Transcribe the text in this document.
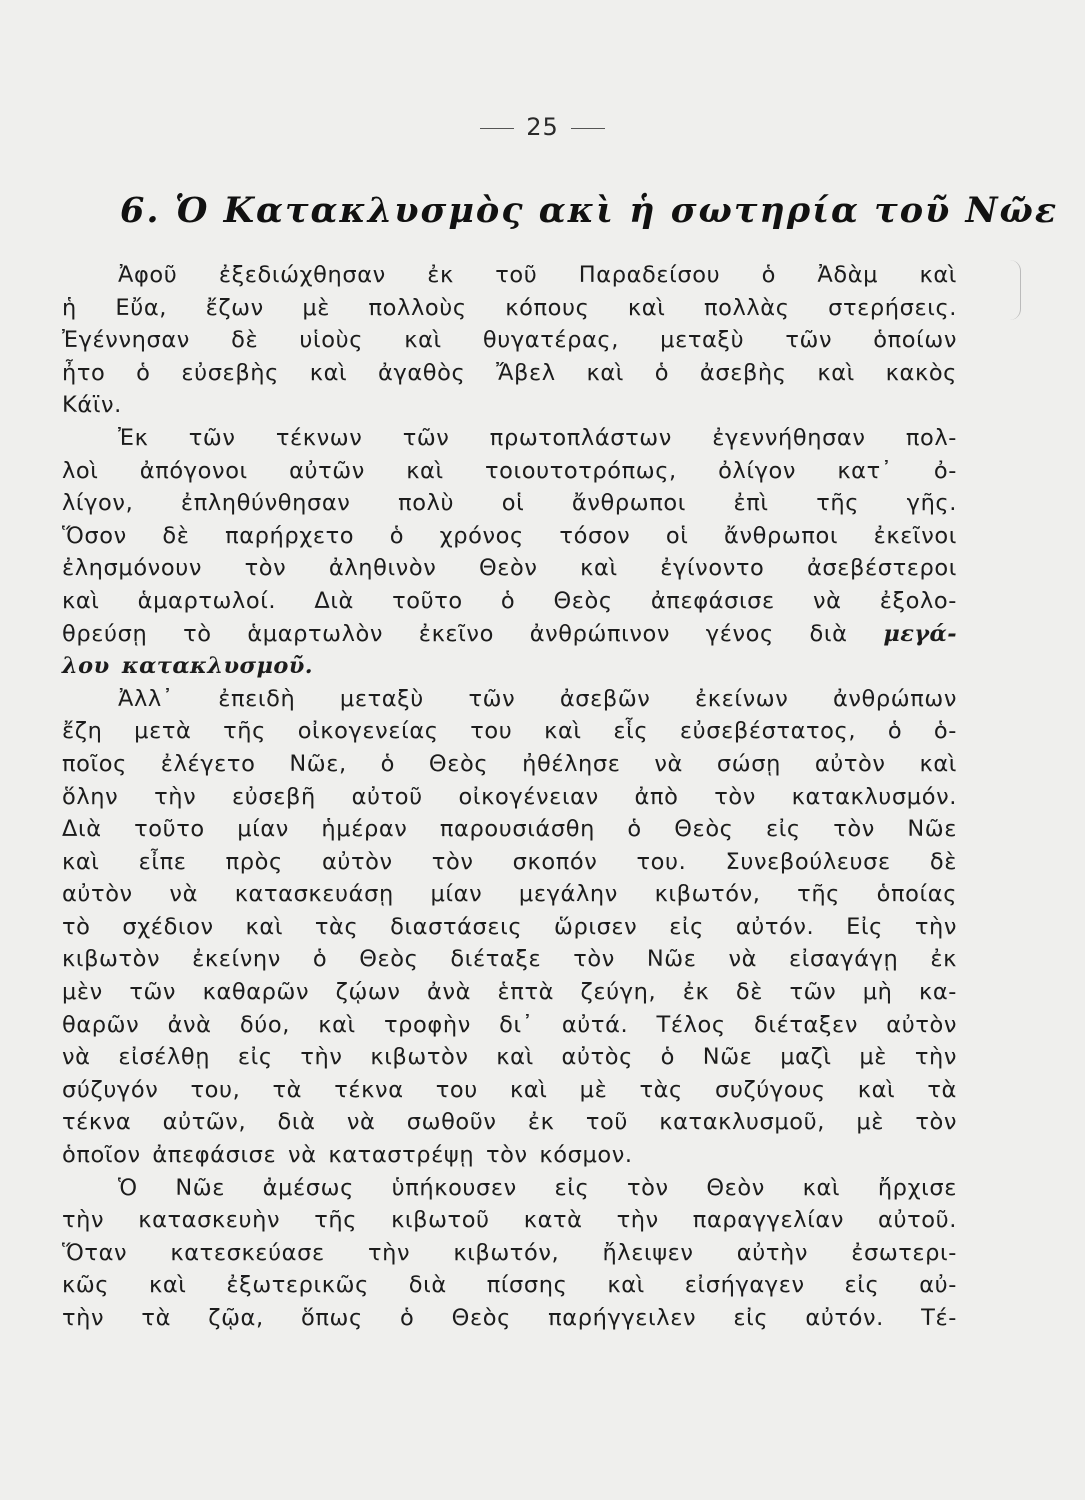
25
6. Ὁ Κατακλυσμὸς ακὶ ἡ σωτηρία τοῦ Νῶε
Ἀφοῦ ἐξεδιώχθησαν ἐκ τοῦ Παραδείσου ὁ Ἀδὰμ καὶ
ἡ Εὔα, ἔζων μὲ πολλοὺς κόπους καὶ πολλὰς στερήσεις.
Ἐγέννησαν δὲ υἱοὺς καὶ θυγατέρας, μεταξὺ τῶν ὁποίων
ἦτο ὁ εὐσεβὴς καὶ ἀγαθὸς Ἄβελ καὶ ὁ ἀσεβὴς καὶ κακὸς
Κάϊν.
Ἐκ τῶν τέκνων τῶν πρωτοπλάστων ἐγεννήθησαν πολ-
λοὶ ἀπόγονοι αὐτῶν καὶ τοιουτοτρόπως, ὀλίγον κατ᾽ ὀ-
λίγον, ἐπληθύνθησαν πολὺ οἱ ἄνθρωποι ἐπὶ τῆς γῆς.
Ὅσον δὲ παρήρχετο ὁ χρόνος τόσον οἱ ἄνθρωποι ἐκεῖνοι
ἐλησμόνουν τὸν ἀληθινὸν Θεὸν καὶ ἐγίνοντο ἀσεβέστεροι
καὶ ἁμαρτωλοί. Διὰ τοῦτο ὁ Θεὸς ἀπεφάσισε νὰ ἐξολο-
θρεύσῃ τὸ ἁμαρτωλὸν ἐκεῖνο ἀνθρώπινον γένος διὰ μεγά-
λου κατακλυσμοῦ.
Ἀλλ᾽ ἐπειδὴ μεταξὺ τῶν ἀσεβῶν ἐκείνων ἀνθρώπων
ἔζη μετὰ τῆς οἰκογενείας του καὶ εἷς εὐσεβέστατος, ὁ ὁ-
ποῖος ἐλέγετο Νῶε, ὁ Θεὸς ἠθέλησε νὰ σώσῃ αὐτὸν καὶ
ὅλην τὴν εὐσεβῆ αὐτοῦ οἰκογένειαν ἀπὸ τὸν κατακλυσμόν.
Διὰ τοῦτο μίαν ἡμέραν παρουσιάσθη ὁ Θεὸς εἰς τὸν Νῶε
καὶ εἶπε πρὸς αὐτὸν τὸν σκοπόν του. Συνεβούλευσε δὲ
αὐτὸν νὰ κατασκευάσῃ μίαν μεγάλην κιβωτόν, τῆς ὁποίας
τὸ σχέδιον καὶ τὰς διαστάσεις ὥρισεν εἰς αὐτόν. Εἰς τὴν
κιβωτὸν ἐκείνην ὁ Θεὸς διέταξε τὸν Νῶε νὰ εἰσαγάγῃ ἐκ
μὲν τῶν καθαρῶν ζῴων ἀνὰ ἑπτὰ ζεύγη, ἐκ δὲ τῶν μὴ κα-
θαρῶν ἀνὰ δύο, καὶ τροφὴν δι᾽ αὐτά. Τέλος διέταξεν αὐτὸν
νὰ εἰσέλθῃ εἰς τὴν κιβωτὸν καὶ αὐτὸς ὁ Νῶε μαζὶ μὲ τὴν
σύζυγόν του, τὰ τέκνα του καὶ μὲ τὰς συζύγους καὶ τὰ
τέκνα αὐτῶν, διὰ νὰ σωθοῦν ἐκ τοῦ κατακλυσμοῦ, μὲ τὸν
ὁποῖον ἀπεφάσισε νὰ καταστρέψῃ τὸν κόσμον.
Ὁ Νῶε ἀμέσως ὑπήκουσεν εἰς τὸν Θεὸν καὶ ἤρχισε
τὴν κατασκευὴν τῆς κιβωτοῦ κατὰ τὴν παραγγελίαν αὐτοῦ.
Ὅταν κατεσκεύασε τὴν κιβωτόν, ἤλειψεν αὐτὴν ἐσωτερι-
κῶς καὶ ἐξωτερικῶς διὰ πίσσης καὶ εἰσήγαγεν εἰς αὐ-
τὴν τὰ ζῷα, ὅπως ὁ Θεὸς παρήγγειλεν εἰς αὐτόν. Τέ-
